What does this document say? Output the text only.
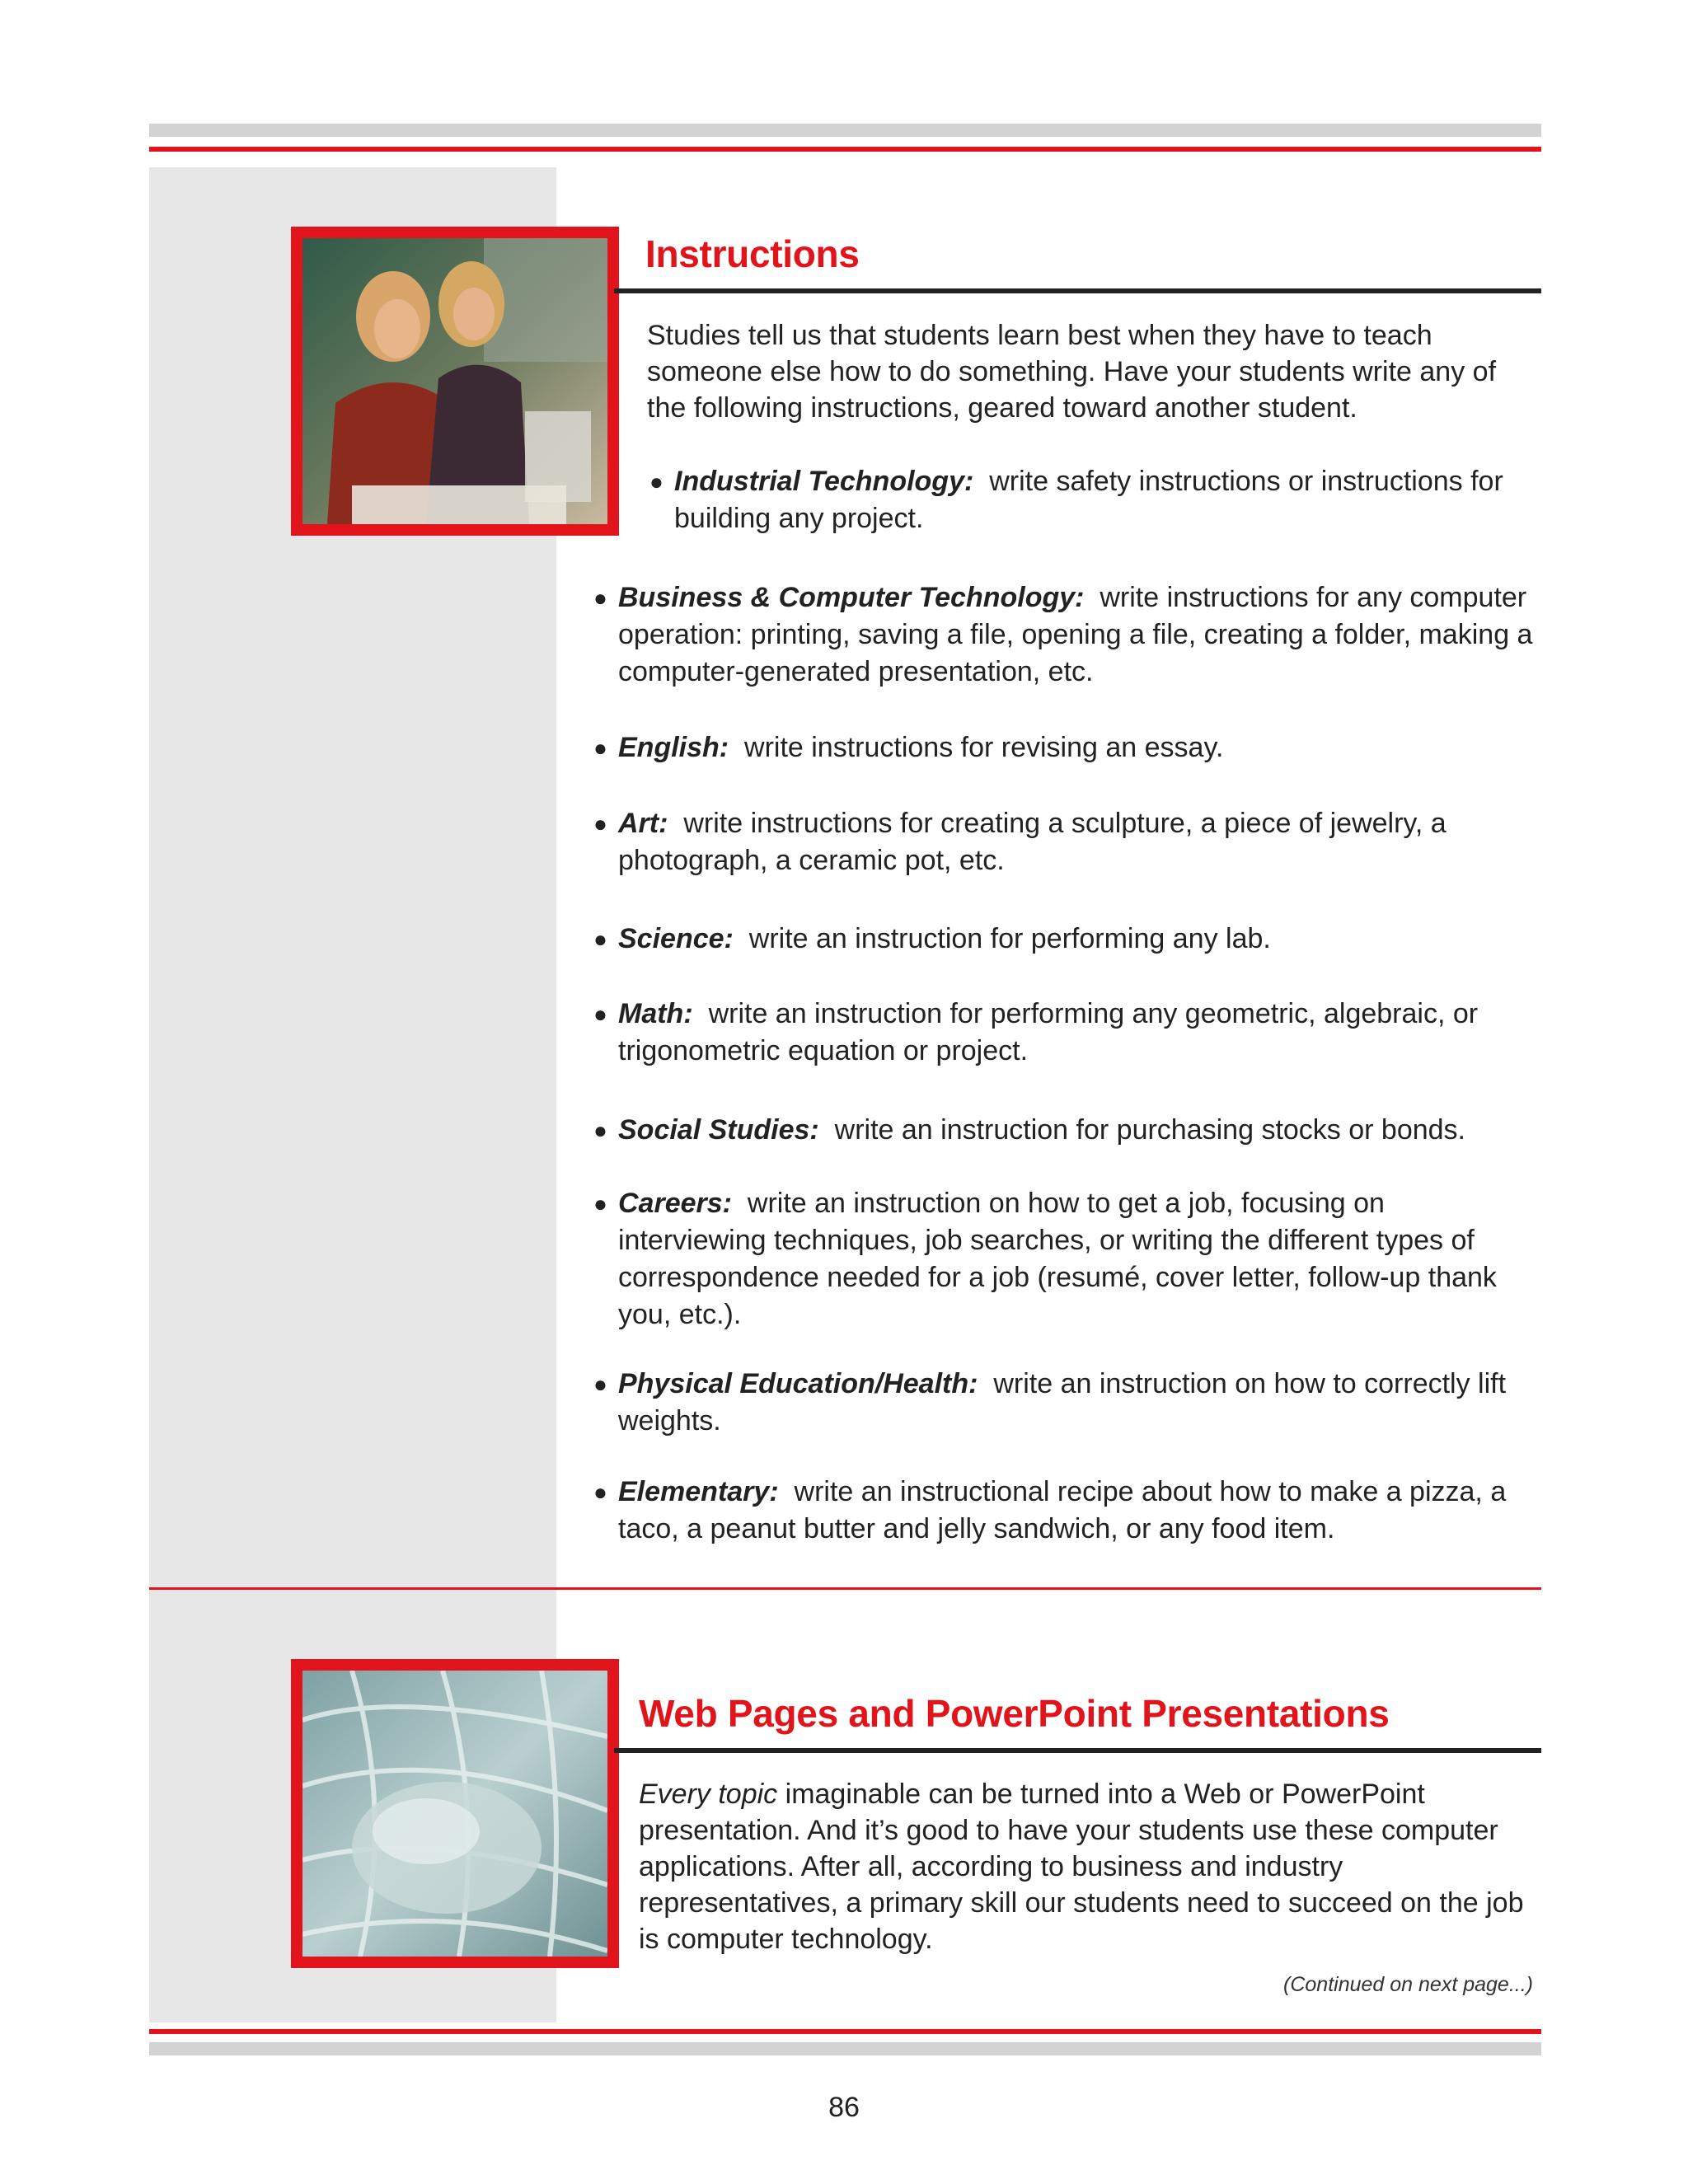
Instructions
Studies tell us that students learn best when they have to teach someone else how to do something. Have your students write any of the following instructions, geared toward another student.
● Industrial Technology: write safety instructions or instructions for building any project.
● Business & Computer Technology: write instructions for any computer operation: printing, saving a file, opening a file, creating a folder, making a computer-generated presentation, etc.
● English: write instructions for revising an essay.
● Art: write instructions for creating a sculpture, a piece of jewelry, a photograph, a ceramic pot, etc.
● Science: write an instruction for performing any lab.
● Math: write an instruction for performing any geometric, algebraic, or trigonometric equation or project.
● Social Studies: write an instruction for purchasing stocks or bonds.
● Careers: write an instruction on how to get a job, focusing on interviewing techniques, job searches, or writing the different types of correspondence needed for a job (resumé, cover letter, follow-up thank you, etc.).
● Physical Education/Health: write an instruction on how to correctly lift weights.
● Elementary: write an instructional recipe about how to make a pizza, a taco, a peanut butter and jelly sandwich, or any food item.
Web Pages and PowerPoint Presentations
Every topic imaginable can be turned into a Web or PowerPoint presentation. And it’s good to have your students use these computer applications. After all, according to business and industry representatives, a primary skill our students need to succeed on the job is computer technology.
(Continued on next page...)
86
